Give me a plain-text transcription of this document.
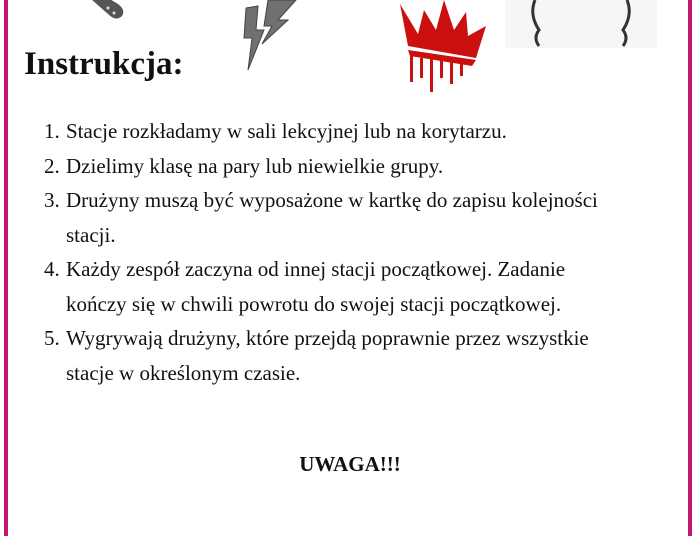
Instrukcja:
1. Stacje rozkładamy w sali lekcyjnej lub na korytarzu.
2. Dzielimy klasę na pary lub niewielkie grupy.
3. Drużyny muszą być wyposażone w kartkę do zapisu kolejności stacji.
4. Każdy zespół zaczyna od innej stacji początkowej. Zadanie kończy się w chwili powrotu do swojej stacji początkowej.
5. Wygrywają drużyny, które przejdą poprawnie przez wszystkie stacje w określonym czasie.
UWAGA!!!
